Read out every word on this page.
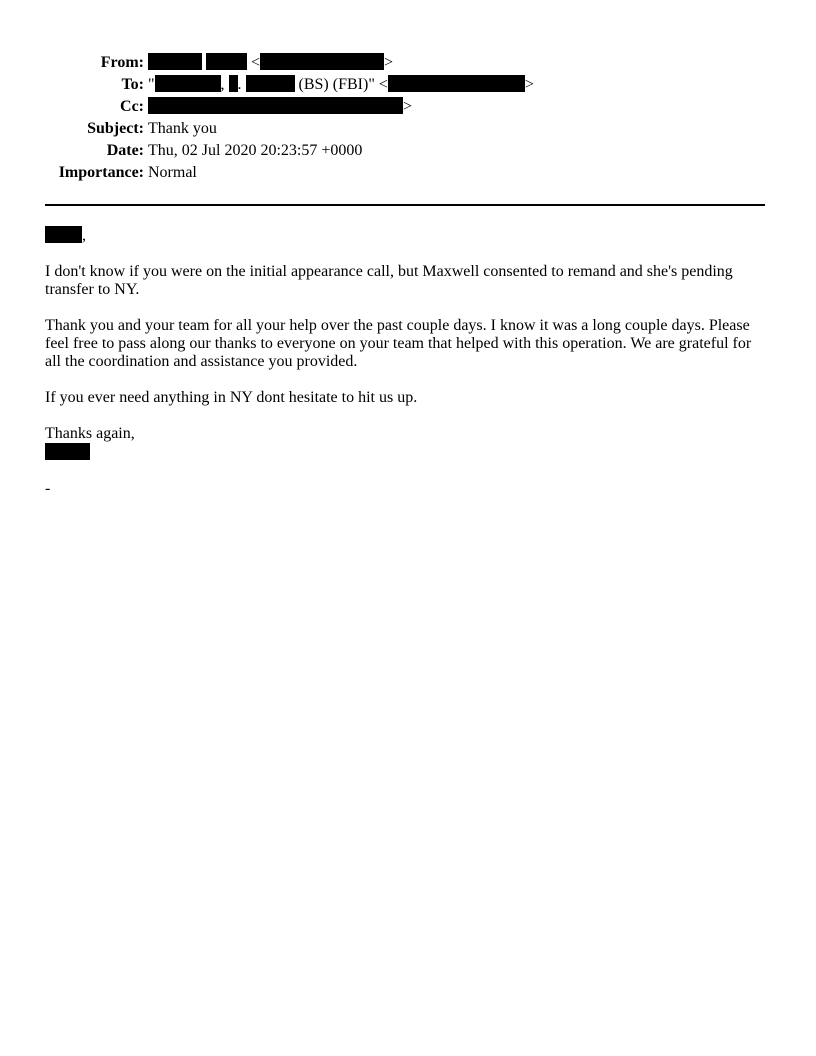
From:	<	>
To: "	, .	(BS) (FBI)" <	>
Cc:	>
Subject: Thank you
Date: Thu, 02 Jul 2020 20:23:57 +0000
Importance: Normal

,

I don't know if you were on the initial appearance call, but Maxwell consented to remand and she's pending transfer to NY.

Thank you and your team for all your help over the past couple days. I know it was a long couple days. Please feel free to pass along our thanks to everyone on your team that helped with this operation. We are grateful for all the coordination and assistance you provided.

If you ever need anything in NY dont hesitate to hit us up.

Thanks again,

-
